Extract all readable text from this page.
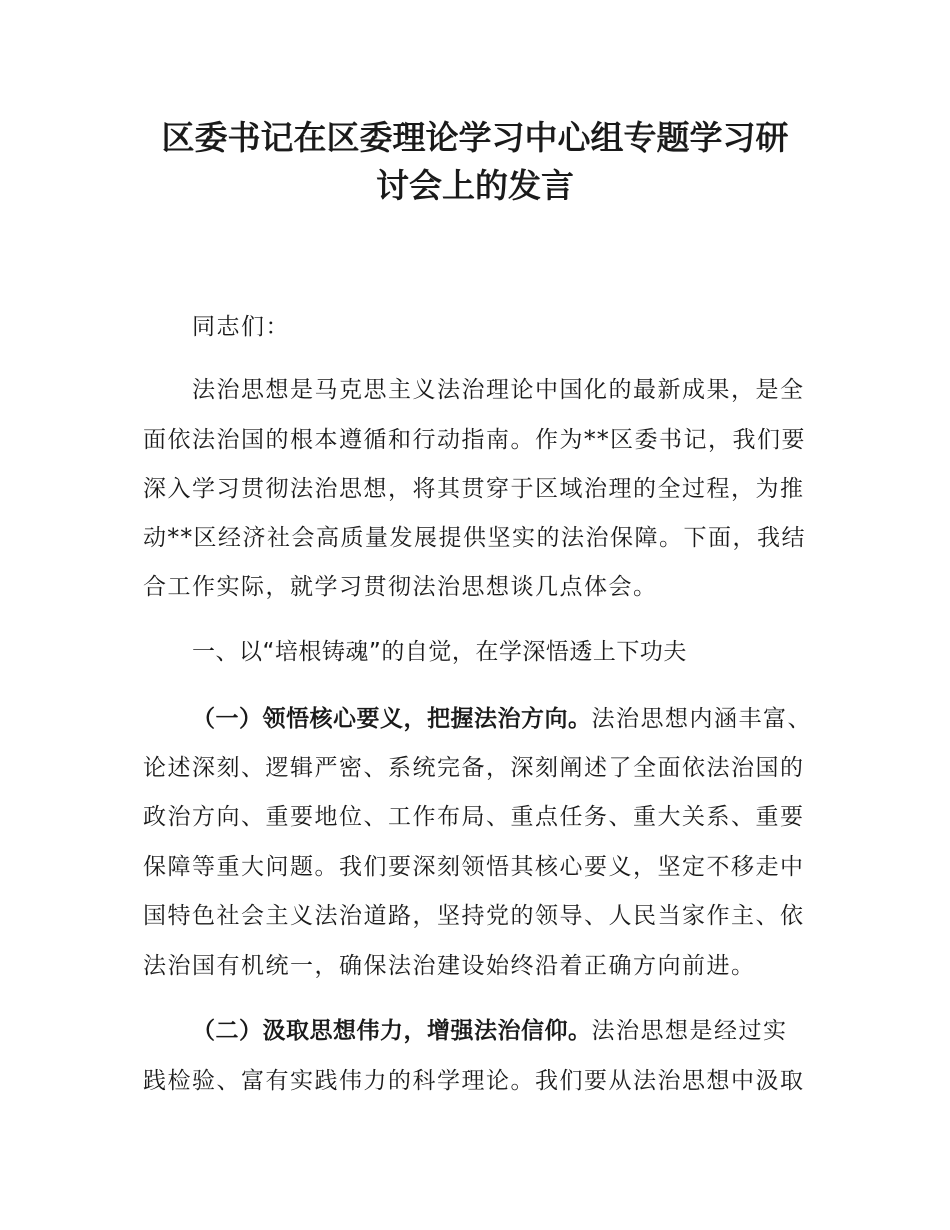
区委书记在区委理论学习中心组专题学习研
讨会上的发言

同志们：

法治思想是马克思主义法治理论中国化的最新成果，是全

面依法治国的根本遵循和行动指南。作为**区委书记，我们要

深入学习贯彻法治思想，将其贯穿于区域治理的全过程，为推

动**区经济社会高质量发展提供坚实的法治保障。下面，我结

合工作实际，就学习贯彻法治思想谈几点体会。

一、以“培根铸魂”的自觉，在学深悟透上下功夫

（一）领悟核心要义，把握法治方向。法治思想内涵丰富、

论述深刻、逻辑严密、系统完备，深刻阐述了全面依法治国的

政治方向、重要地位、工作布局、重点任务、重大关系、重要

保障等重大问题。我们要深刻领悟其核心要义，坚定不移走中

国特色社会主义法治道路，坚持党的领导、人民当家作主、依

法治国有机统一，确保法治建设始终沿着正确方向前进。

（二）汲取思想伟力，增强法治信仰。法治思想是经过实

践检验、富有实践伟力的科学理论。我们要从法治思想中汲取
